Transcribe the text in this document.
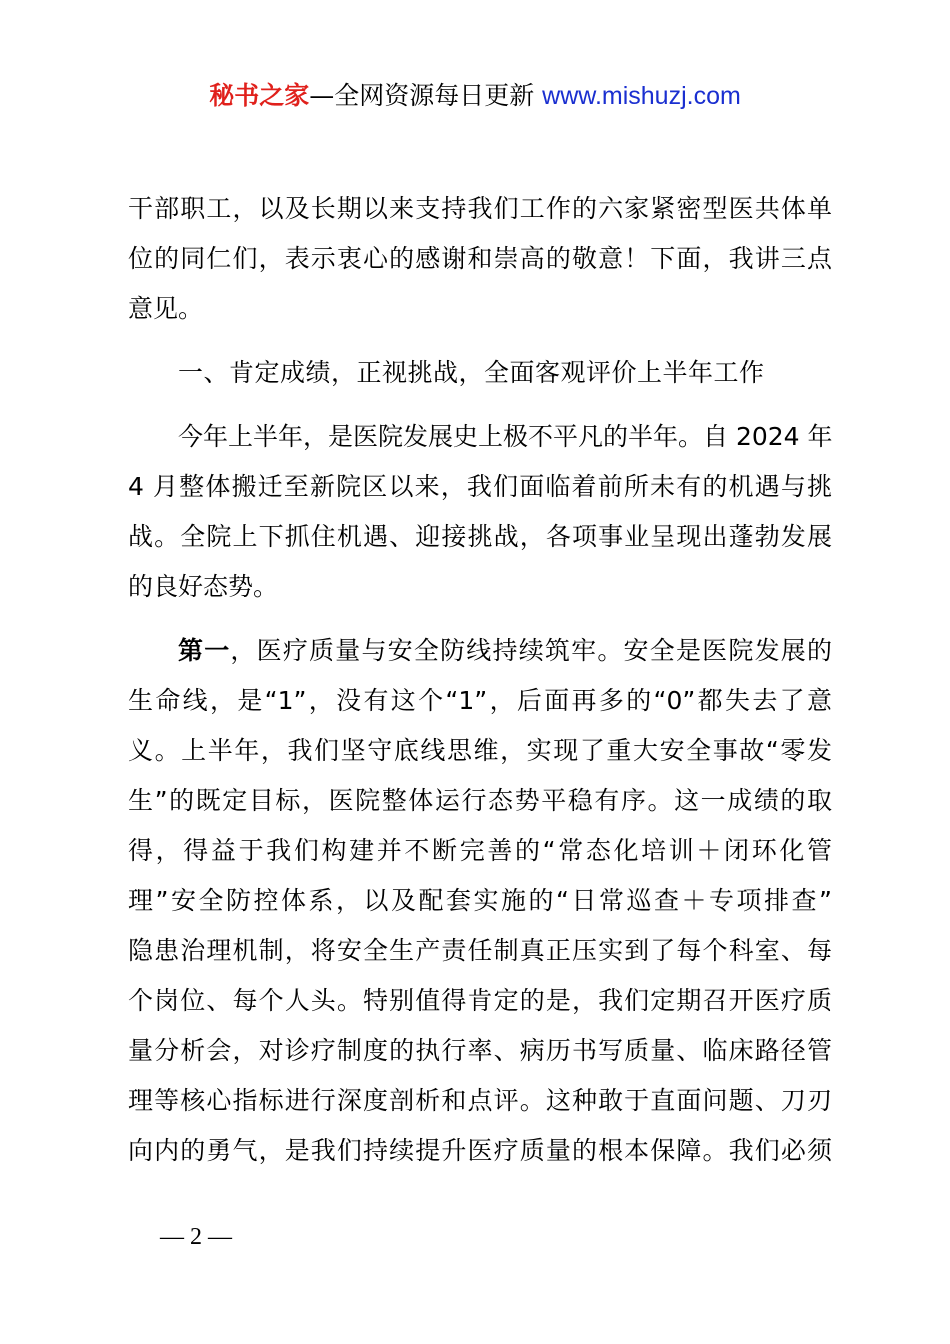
秘书之家—全网资源每日更新 www.mishuzj.com
干部职工，以及长期以来支持我们工作的六家紧密型医共体单
位的同仁们，表示衷心的感谢和崇高的敬意！下面，我讲三点
意见。
一、肯定成绩，正视挑战，全面客观评价上半年工作
今年上半年，是医院发展史上极不平凡的半年。自 2024 年
4 月整体搬迁至新院区以来，我们面临着前所未有的机遇与挑
战。全院上下抓住机遇、迎接挑战，各项事业呈现出蓬勃发展
的良好态势。
第一，医疗质量与安全防线持续筑牢。安全是医院发展的
生命线，是“1”，没有这个“1”，后面再多的“0”都失去了意
义。上半年，我们坚守底线思维，实现了重大安全事故“零发
生”的既定目标，医院整体运行态势平稳有序。这一成绩的取
得，得益于我们构建并不断完善的“常态化培训＋闭环化管
理”安全防控体系，以及配套实施的“日常巡查＋专项排查”
隐患治理机制，将安全生产责任制真正压实到了每个科室、每
个岗位、每个人头。特别值得肯定的是，我们定期召开医疗质
量分析会，对诊疗制度的执行率、病历书写质量、临床路径管
理等核心指标进行深度剖析和点评。这种敢于直面问题、刀刃
向内的勇气，是我们持续提升医疗质量的根本保障。我们必须
— 2 —
